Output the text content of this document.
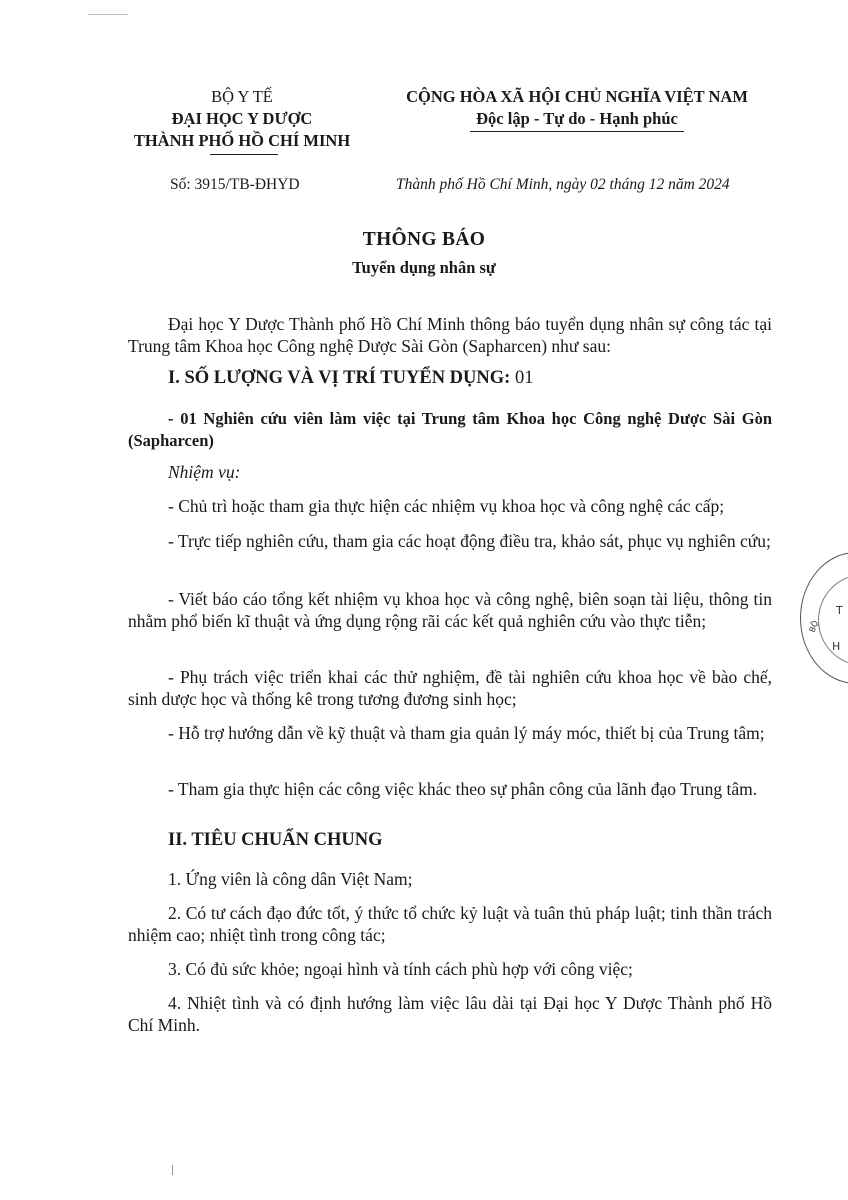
BỘ Y TẾ
ĐẠI HỌC Y DƯỢC
THÀNH PHỐ HỒ CHÍ MINH
CỘNG HÒA XÃ HỘI CHỦ NGHĨA VIỆT NAM
Độc lập - Tự do - Hạnh phúc
Số: 3915/TB-ĐHYD	Thành phố Hồ Chí Minh, ngày 02 tháng 12 năm 2024
THÔNG BÁO
Tuyển dụng nhân sự
Đại học Y Dược Thành phố Hồ Chí Minh thông báo tuyển dụng nhân sự công tác tại Trung tâm Khoa học Công nghệ Dược Sài Gòn (Sapharcen) như sau:
I. SỐ LƯỢNG VÀ VỊ TRÍ TUYỂN DỤNG: 01
- 01 Nghiên cứu viên làm việc tại Trung tâm Khoa học Công nghệ Dược Sài Gòn (Sapharcen)
Nhiệm vụ:
- Chủ trì hoặc tham gia thực hiện các nhiệm vụ khoa học và công nghệ các cấp;
- Trực tiếp nghiên cứu, tham gia các hoạt động điều tra, khảo sát, phục vụ nghiên cứu;
- Viết báo cáo tổng kết nhiệm vụ khoa học và công nghệ, biên soạn tài liệu, thông tin nhằm phổ biến kĩ thuật và ứng dụng rộng rãi các kết quả nghiên cứu vào thực tiễn;
- Phụ trách việc triển khai các thử nghiệm, đề tài nghiên cứu khoa học về bào chế, sinh dược học và thống kê trong tương đương sinh học;
- Hỗ trợ hướng dẫn về kỹ thuật và tham gia quản lý máy móc, thiết bị của Trung tâm;
- Tham gia thực hiện các công việc khác theo sự phân công của lãnh đạo Trung tâm.
II. TIÊU CHUẨN CHUNG
1. Ứng viên là công dân Việt Nam;
2. Có tư cách đạo đức tốt, ý thức tổ chức kỷ luật và tuân thủ pháp luật; tinh thần trách nhiệm cao; nhiệt tình trong công tác;
3. Có đủ sức khỏe; ngoại hình và tính cách phù hợp với công việc;
4. Nhiệt tình và có định hướng làm việc lâu dài tại Đại học Y Dược Thành phố Hồ Chí Minh.
T
H
BỘ
